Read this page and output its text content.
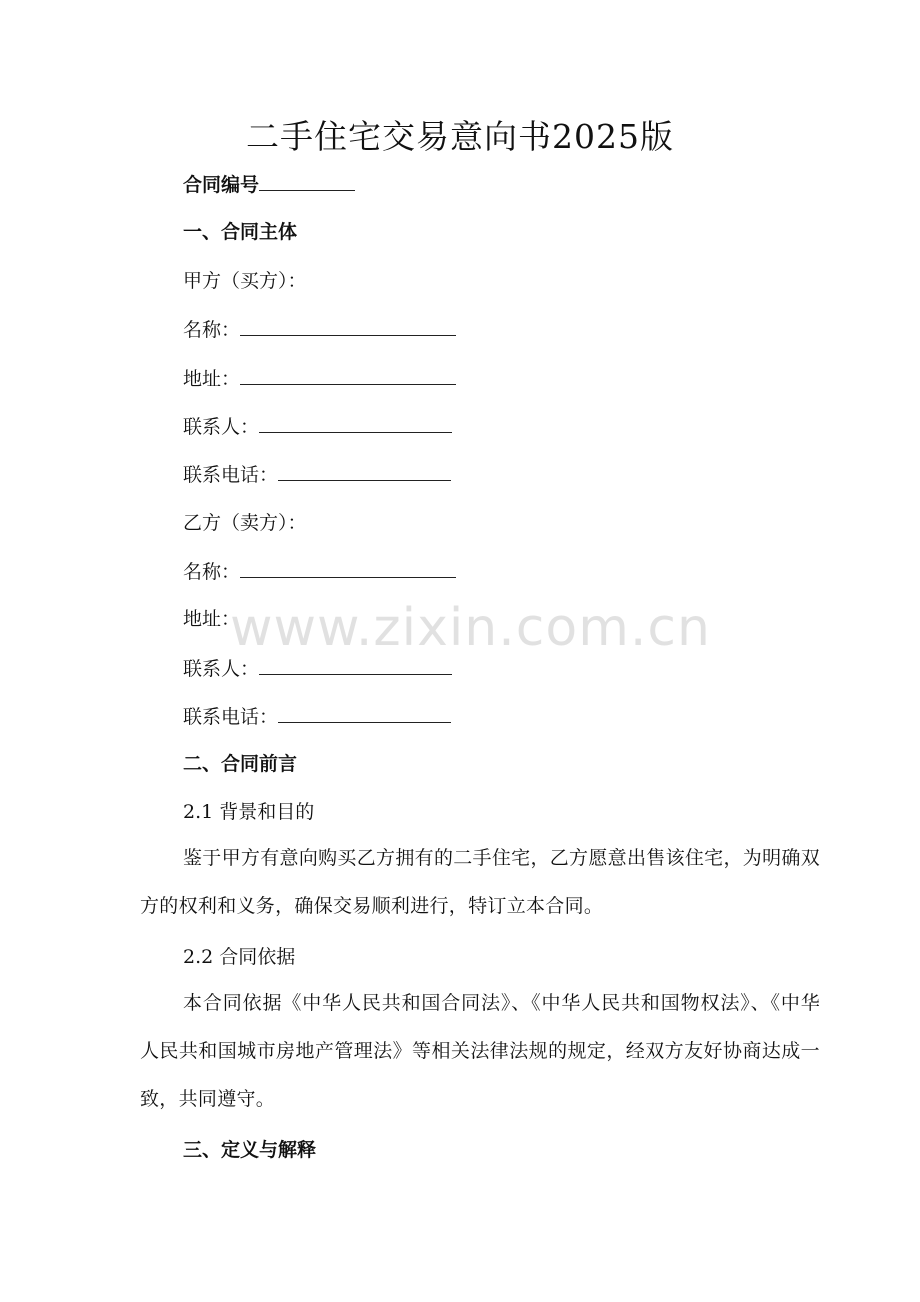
二手住宅交易意向书2025版
合同编号
一、合同主体
甲方（买方）：
名称：
地址：
联系人：
联系电话：
乙方（卖方）：
名称：
地址：
联系人：
联系电话：
二、合同前言
2.1 背景和目的
鉴于甲方有意向购买乙方拥有的二手住宅，乙方愿意出售该住宅，为明确双方的权利和义务，确保交易顺利进行，特订立本合同。
2.2 合同依据
本合同依据《中华人民共和国合同法》、《中华人民共和国物权法》、《中华人民共和国城市房地产管理法》等相关法律法规的规定，经双方友好协商达成一致，共同遵守。
三、定义与解释
www.zixin.com.cn
